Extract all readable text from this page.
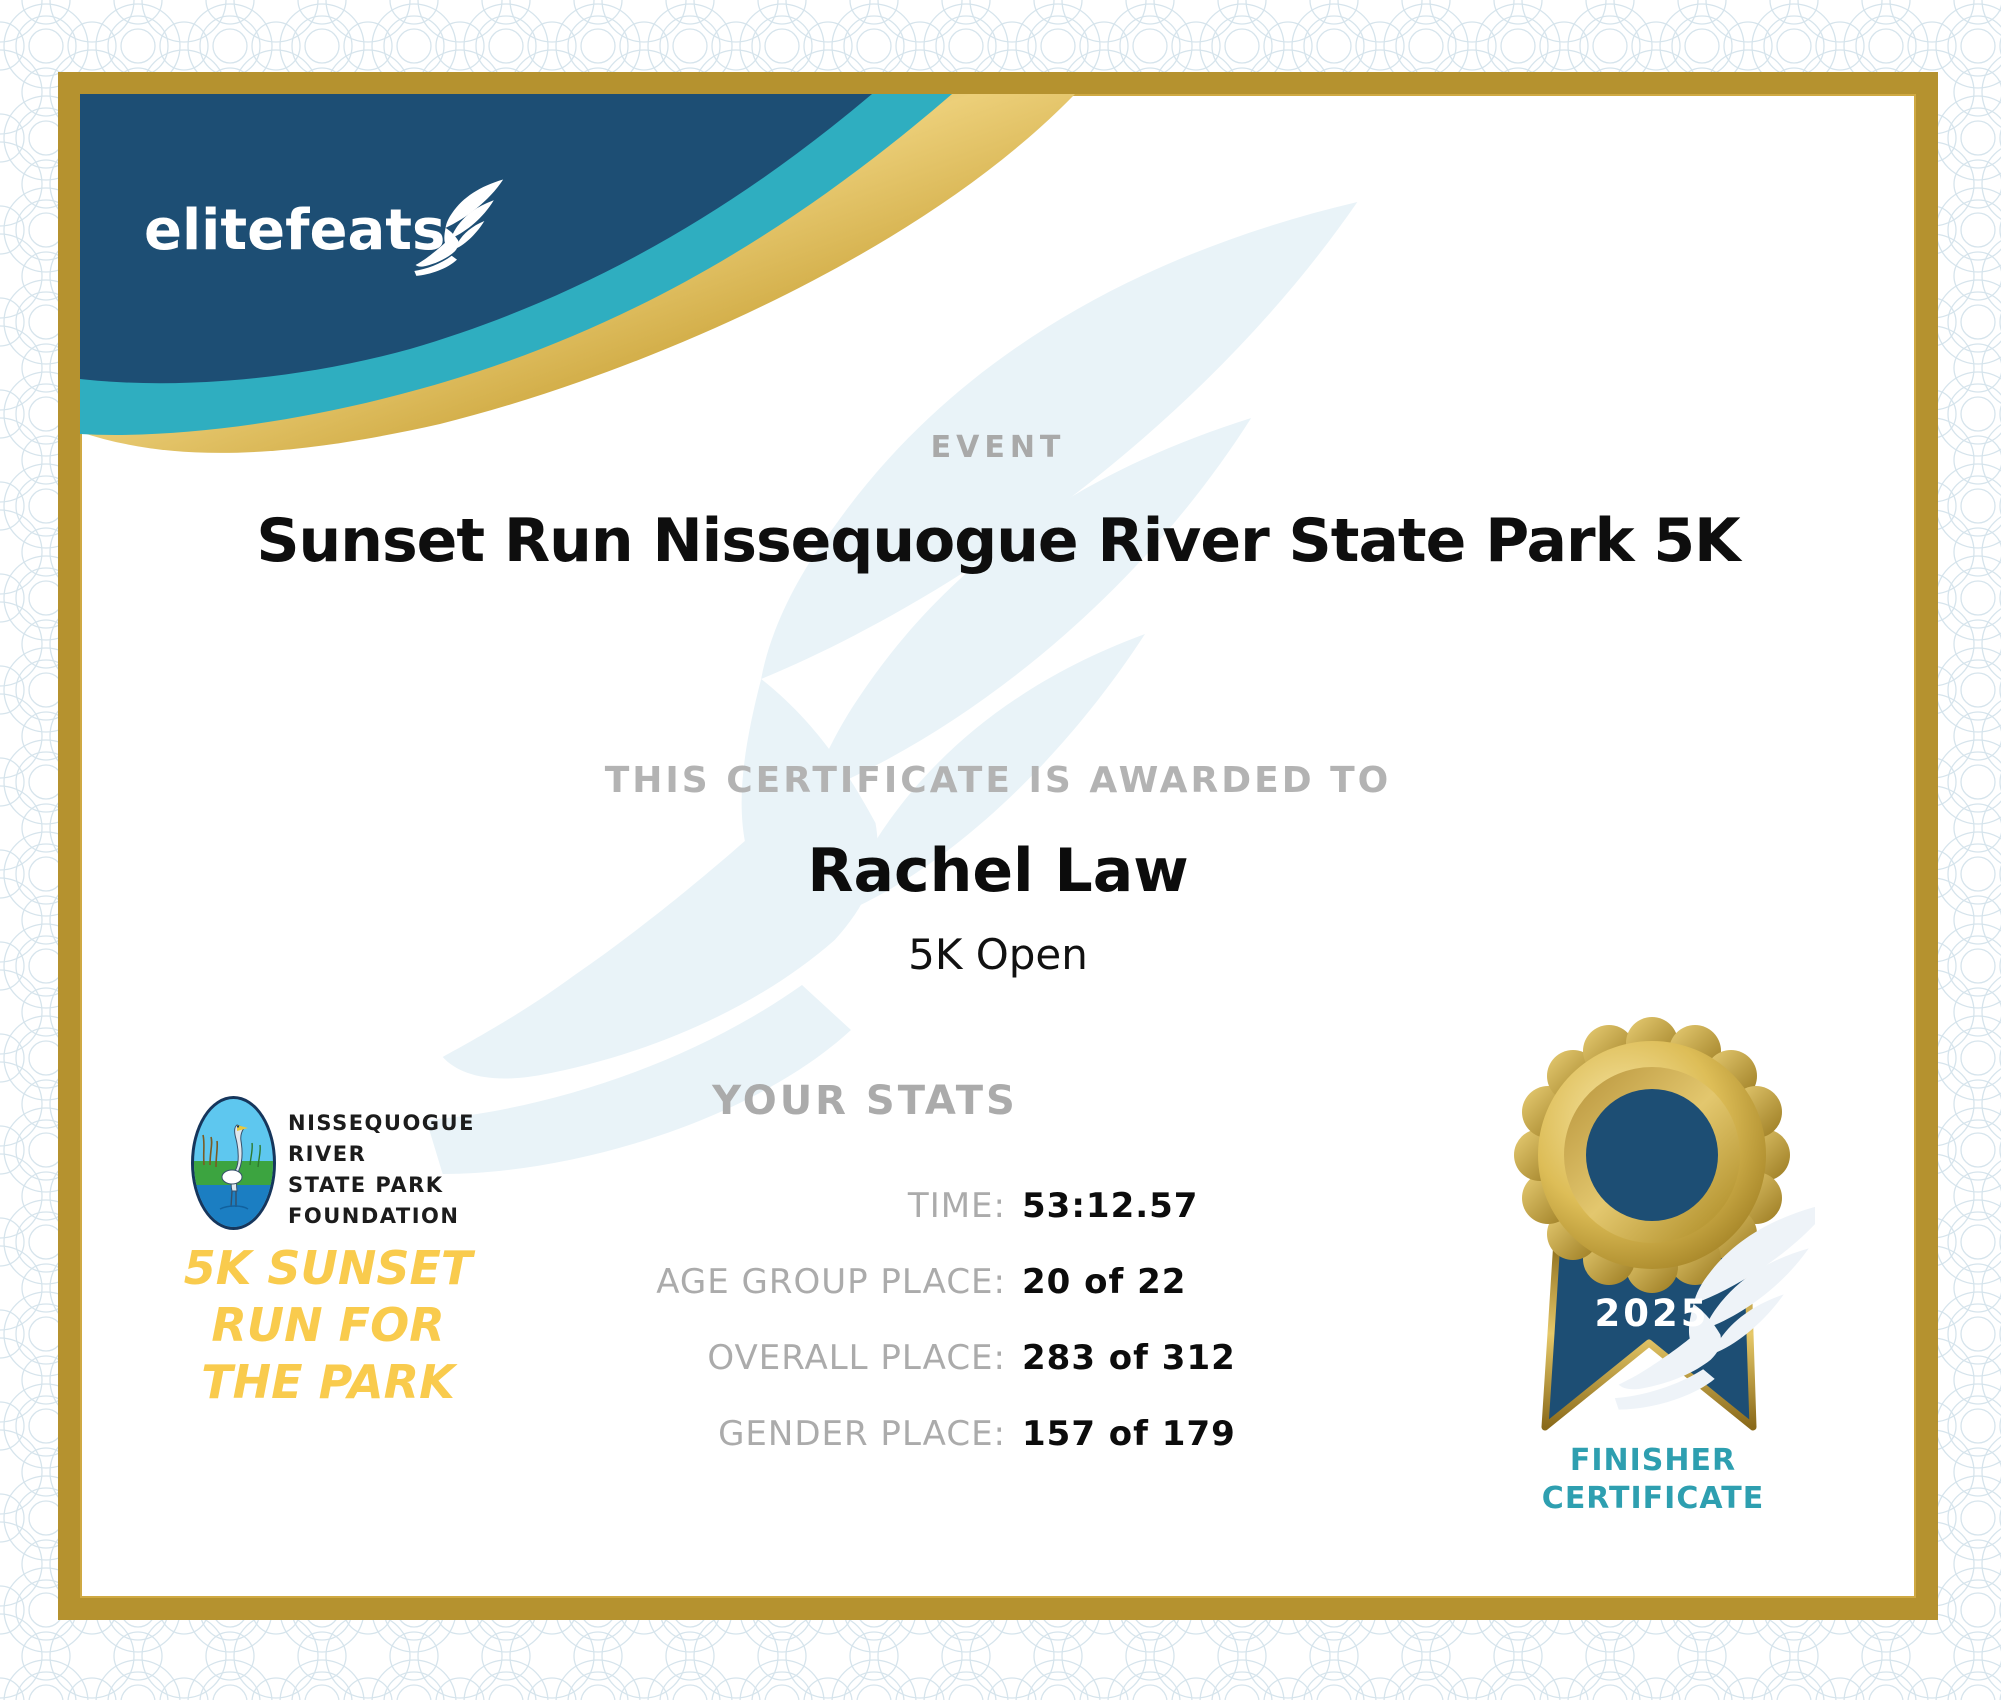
elitefeats
EVENT
Sunset Run Nissequogue River State Park 5K
THIS CERTIFICATE IS AWARDED TO
Rachel Law
5K Open
YOUR STATS
TIME: 53:12.57
AGE GROUP PLACE: 20 of 22
OVERALL PLACE: 283 of 312
GENDER PLACE: 157 of 179
NISSEQUOGUE
RIVER
STATE PARK
FOUNDATION
5K SUNSET
RUN FOR
THE PARK
2025
FINISHER
CERTIFICATE
